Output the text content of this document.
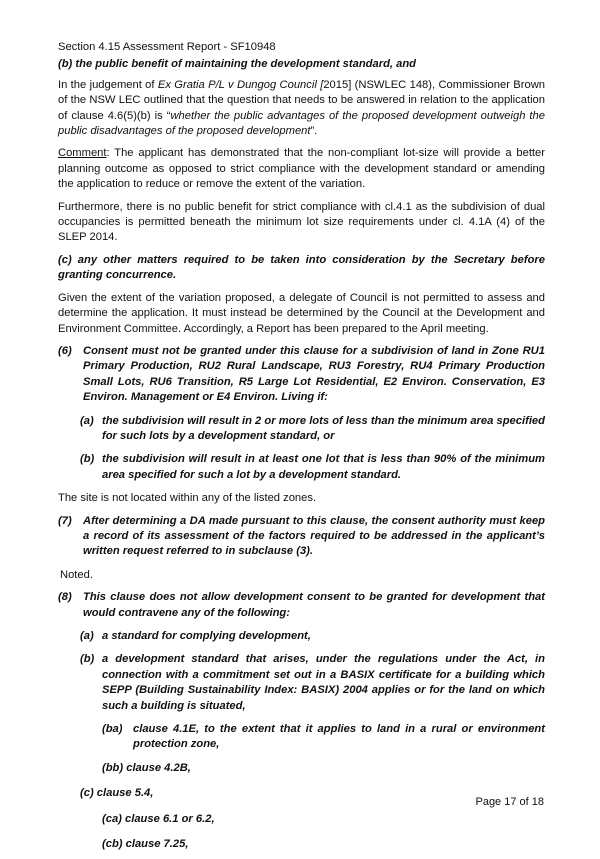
Section 4.15 Assessment Report - SF10948

(b) the public benefit of maintaining the development standard, and

In the judgement of Ex Gratia P/L v Dungog Council [2015] (NSWLEC 148), Commissioner Brown of the NSW LEC outlined that the question that needs to be answered in relation to the application of clause 4.6(5)(b) is “whether the public advantages of the proposed development outweigh the public disadvantages of the proposed development”.

Comment: The applicant has demonstrated that the non-compliant lot-size will provide a better planning outcome as opposed to strict compliance with the development standard or amending the application to reduce or remove the extent of the variation.

Furthermore, there is no public benefit for strict compliance with cl.4.1 as the subdivision of dual occupancies is permitted beneath the minimum lot size requirements under cl. 4.1A (4) of the SLEP 2014.

(c) any other matters required to be taken into consideration by the Secretary before granting concurrence.

Given the extent of the variation proposed, a delegate of Council is not permitted to assess and determine the application. It must instead be determined by the Council at the Development and Environment Committee. Accordingly, a Report has been prepared to the April meeting.

(6) Consent must not be granted under this clause for a subdivision of land in Zone RU1 Primary Production, RU2 Rural Landscape, RU3 Forestry, RU4 Primary Production Small Lots, RU6 Transition, R5 Large Lot Residential, E2 Environ. Conservation, E3 Environ. Management or E4 Environ. Living if:
(a) the subdivision will result in 2 or more lots of less than the minimum area specified for such lots by a development standard, or
(b) the subdivision will result in at least one lot that is less than 90% of the minimum area specified for such a lot by a development standard.

The site is not located within any of the listed zones.

(7) After determining a DA made pursuant to this clause, the consent authority must keep a record of its assessment of the factors required to be addressed in the applicant’s written request referred to in subclause (3).

Noted.

(8) This clause does not allow development consent to be granted for development that would contravene any of the following:
(a) a standard for complying development,
(b) a development standard that arises, under the regulations under the Act, in connection with a commitment set out in a BASIX certificate for a building which SEPP (Building Sustainability Index: BASIX) 2004 applies or for the land on which such a building is situated,
(ba) clause 4.1E, to the extent that it applies to land in a rural or environment protection zone,

(bb) clause 4.2B,

(c) clause 5.4,

(ca) clause 6.1 or 6.2,

(cb) clause 7.25,

Page 17 of 18
